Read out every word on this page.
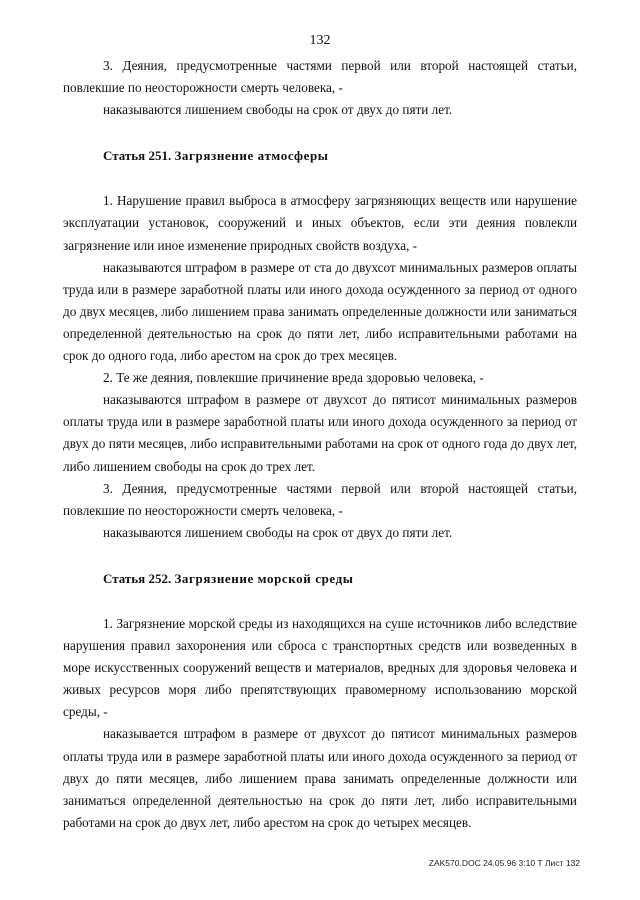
132

3. Деяния, предусмотренные частями первой или второй настоящей статьи, повлекшие по неосторожности смерть человека, -

наказываются лишением свободы на срок от двух до пяти лет.

Статья 251. Загрязнение атмосферы

1. Нарушение правил выброса в атмосферу загрязняющих веществ или нарушение эксплуатации установок, сооружений и иных объектов, если эти деяния повлекли загрязнение или иное изменение природных свойств воздуха, -

наказываются штрафом в размере от ста до двухсот минимальных размеров оплаты труда или в размере заработной платы или иного дохода осужденного за период от одного до двух месяцев, либо лишением права занимать определенные должности или заниматься определенной деятельностью на срок до пяти лет, либо исправительными работами на срок до одного года, либо арестом на срок до трех месяцев.

2. Те же деяния, повлекшие причинение вреда здоровью человека, -

наказываются штрафом в размере от двухсот до пятисот минимальных размеров оплаты труда или в размере заработной платы или иного дохода осужденного за период от двух до пяти месяцев, либо исправительными работами на срок от одного года до двух лет, либо лишением свободы на срок до трех лет.

3. Деяния, предусмотренные частями первой или второй настоящей статьи, повлекшие по неосторожности смерть человека, -

наказываются лишением свободы на срок от двух до пяти лет.

Статья 252. Загрязнение морской среды

1. Загрязнение морской среды из находящихся на суше источников либо вследствие нарушения правил захоронения или сброса с транспортных средств или возведенных в море искусственных сооружений веществ и материалов, вредных для здоровья человека и живых ресурсов моря либо препятствующих правомерному использованию морской среды, -

наказывается штрафом в размере от двухсот до пятисот минимальных размеров оплаты труда или в размере заработной платы или иного дохода осужденного за период от двух до пяти месяцев, либо лишением права занимать определенные должности или заниматься определенной деятельностью на срок до пяти лет, либо исправительными работами на срок до двух лет, либо арестом на срок до четырех месяцев.

ZAK570.DOC 24.05.96 3:10 Т Лист 132
